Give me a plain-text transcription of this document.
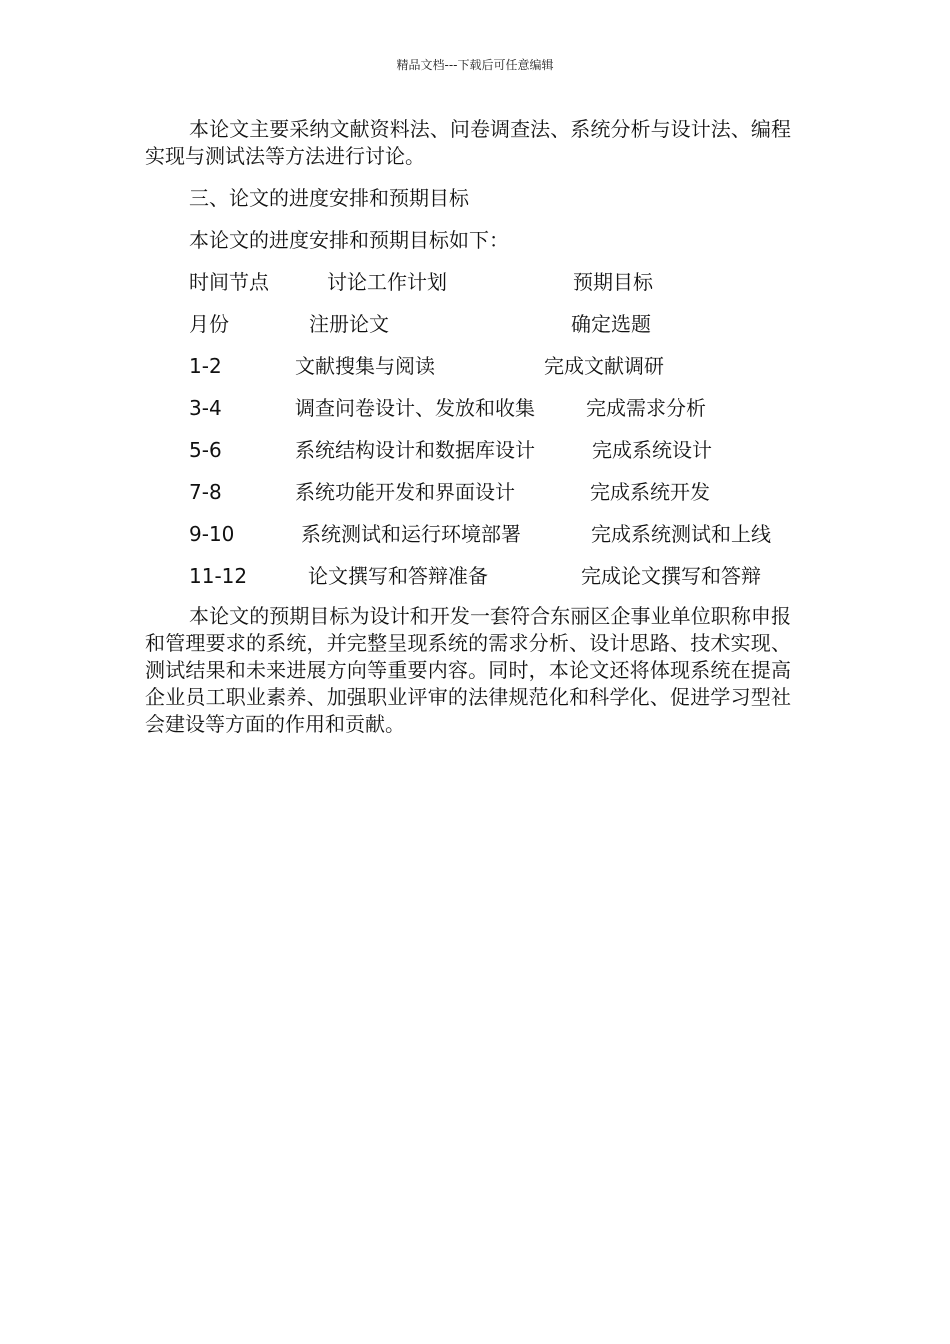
精品文档---下载后可任意编辑

本论文主要采纳文献资料法、问卷调查法、系统分析与设计法、编程实现与测试法等方法进行讨论。

三、论文的进度安排和预期目标

本论文的进度安排和预期目标如下：

时间节点	讨论工作计划	预期目标
月份	注册论文	确定选题
1-2	文献搜集与阅读	完成文献调研
3-4	调查问卷设计、发放和收集	完成需求分析
5-6	系统结构设计和数据库设计	完成系统设计
7-8	系统功能开发和界面设计	完成系统开发
9-10	系统测试和运行环境部署	完成系统测试和上线
11-12	论文撰写和答辩准备	完成论文撰写和答辩

本论文的预期目标为设计和开发一套符合东丽区企事业单位职称申报和管理要求的系统，并完整呈现系统的需求分析、设计思路、技术实现、测试结果和未来进展方向等重要内容。同时，本论文还将体现系统在提高企业员工职业素养、加强职业评审的法律规范化和科学化、促进学习型社会建设等方面的作用和贡献。
